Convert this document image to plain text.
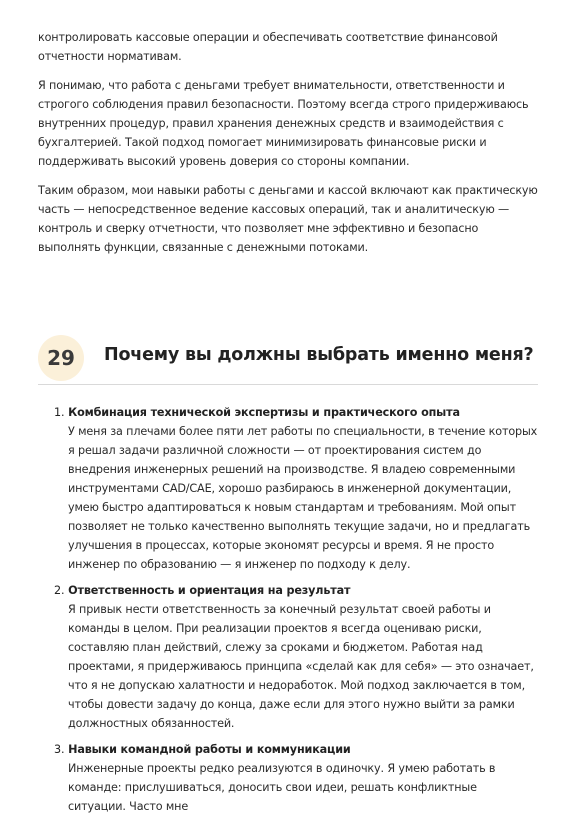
контролировать кассовые операции и обеспечивать соответствие финансовой отчетности нормативам.

Я понимаю, что работа с деньгами требует внимательности, ответственности и строгого соблюдения правил безопасности. Поэтому всегда строго придерживаюсь внутренних процедур, правил хранения денежных средств и взаимодействия с бухгалтерией. Такой подход помогает минимизировать финансовые риски и поддерживать высокий уровень доверия со стороны компании.

Таким образом, мои навыки работы с деньгами и кассой включают как практическую часть — непосредственное ведение кассовых операций, так и аналитическую — контроль и сверку отчетности, что позволяет мне эффективно и безопасно выполнять функции, связанные с денежными потоками.

29	Почему вы должны выбрать именно меня?

1. Комбинация технической экспертизы и практического опыта

У меня за плечами более пяти лет работы по специальности, в течение которых я решал задачи различной сложности — от проектирования систем до внедрения инженерных решений на производстве. Я владею современными инструментами CAD/CAE, хорошо разбираюсь в инженерной документации, умею быстро адаптироваться к новым стандартам и требованиям. Мой опыт позволяет не только качественно выполнять текущие задачи, но и предлагать улучшения в процессах, которые экономят ресурсы и время. Я не просто инженер по образованию — я инженер по подходу к делу.

2. Ответственность и ориентация на результат

Я привык нести ответственность за конечный результат своей работы и команды в целом. При реализации проектов я всегда оцениваю риски, составляю план действий, слежу за сроками и бюджетом. Работая над проектами, я придерживаюсь принципа «сделай как для себя» — это означает, что я не допускаю халатности и недоработок. Мой подход заключается в том, чтобы довести задачу до конца, даже если для этого нужно выйти за рамки должностных обязанностей.

3. Навыки командной работы и коммуникации

Инженерные проекты редко реализуются в одиночку. Я умею работать в команде: прислушиваться, доносить свои идеи, решать конфликтные ситуации. Часто мне
